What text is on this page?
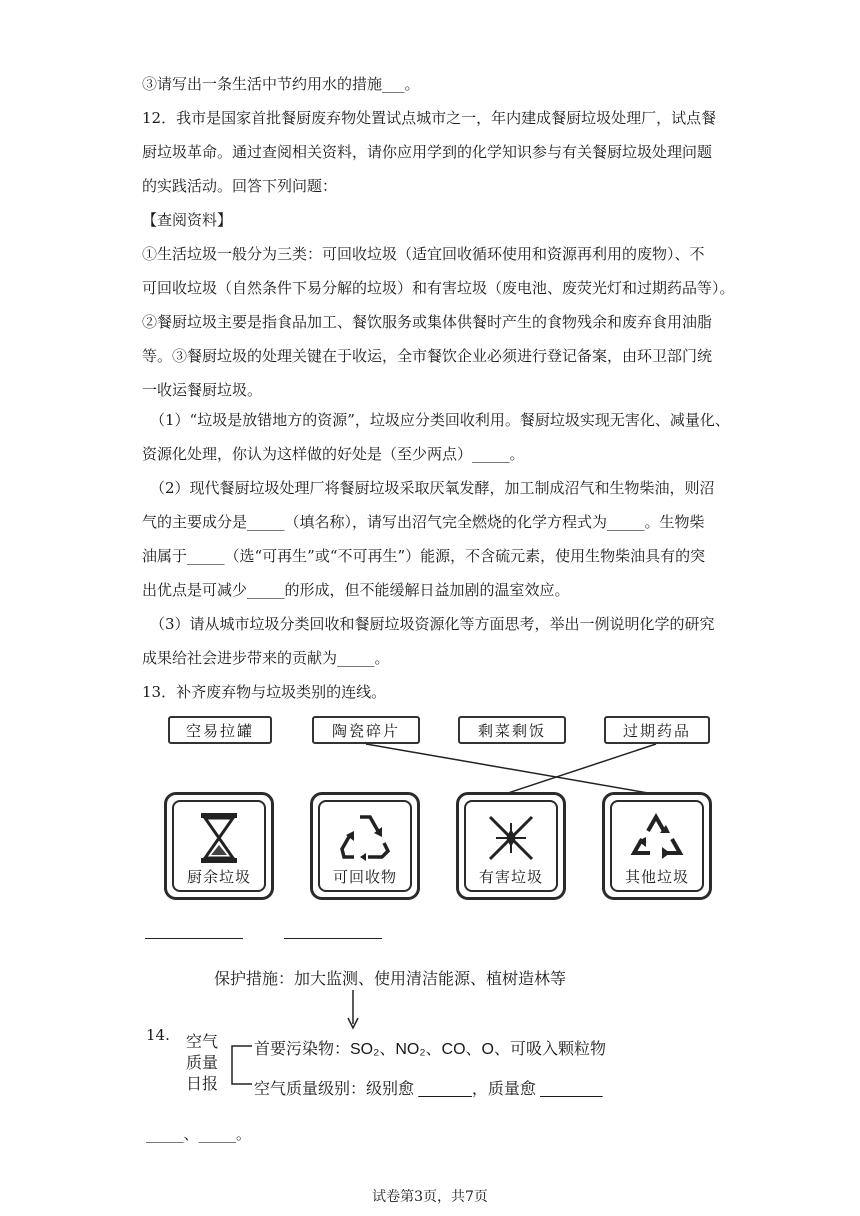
③请写出一条生活中节约用水的措施___。
12．我市是国家首批餐厨废弃物处置试点城市之一，年内建成餐厨垃圾处理厂，试点餐
厨垃圾革命。通过查阅相关资料，请你应用学到的化学知识参与有关餐厨垃圾处理问题
的实践活动。回答下列问题：
【查阅资料】
①生活垃圾一般分为三类：可回收垃圾（适宜回收循环使用和资源再利用的废物）、不
可回收垃圾（自然条件下易分解的垃圾）和有害垃圾（废电池、废荧光灯和过期药品等）。
②餐厨垃圾主要是指食品加工、餐饮服务或集体供餐时产生的食物残余和废弃食用油脂
等。③餐厨垃圾的处理关键在于收运，全市餐饮企业必须进行登记备案，由环卫部门统
一收运餐厨垃圾。
（1）“垃圾是放错地方的资源”，垃圾应分类回收利用。餐厨垃圾实现无害化、减量化、
资源化处理，你认为这样做的好处是（至少两点）_____。
（2）现代餐厨垃圾处理厂将餐厨垃圾采取厌氧发酵，加工制成沼气和生物柴油，则沼
气的主要成分是_____（填名称），请写出沼气完全燃烧的化学方程式为_____。生物柴
油属于_____（选“可再生”或“不可再生”）能源，不含硫元素，使用生物柴油具有的突
出优点是可减少_____的形成，但不能缓解日益加剧的温室效应。
（3）请从城市垃圾分类回收和餐厨垃圾资源化等方面思考，举出一例说明化学的研究
成果给社会进步带来的贡献为_____。
13．补齐废弃物与垃圾类别的连线。
空易拉罐	陶瓷碎片	剩菜剩饭	过期药品
厨余垃圾	可回收物	有害垃圾	其他垃圾
保护措施：加大监测、使用清洁能源、植树造林等
14. 空气
质量
日报
首要污染物：SO₂、NO₂、CO、O、可吸入颗粒物
空气质量级别：级别愈 ______，质量愈 _______
_____、_____。
试卷第3页，共7页
